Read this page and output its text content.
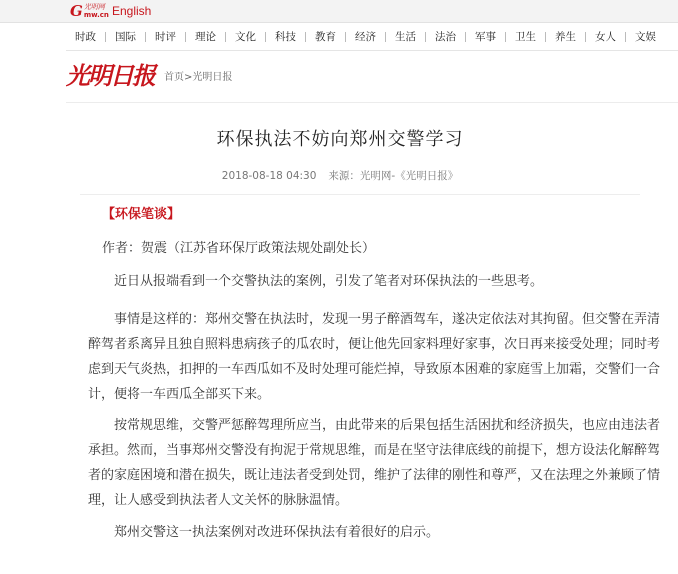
G 光明网
mw.cn English
时政	国际	时评	理论	文化	科技	教育	经济	生活	法治	军事	卫生	养生	女人	文娱
光明日报 首页>光明日报
环保执法不妨向郑州交警学习
2018-08-18 04:30 来源：光明网-《光明日报》
【环保笔谈】
作者：贺震（江苏省环保厅政策法规处副处长）

近日从报端看到一个交警执法的案例，引发了笔者对环保执法的一些思考。

事情是这样的：郑州交警在执法时，发现一男子醉酒驾车，遂决定依法对其拘留。但交警在弄清醉驾者系离异且独自照料患病孩子的瓜农时，便让他先回家料理好家事，次日再来接受处理；同时考虑到天气炎热，扣押的一车西瓜如不及时处理可能烂掉，导致原本困难的家庭雪上加霜，交警们一合计，便将一车西瓜全部买下来。

按常规思维，交警严惩醉驾理所应当，由此带来的后果包括生活困扰和经济损失，也应由违法者承担。然而，当事郑州交警没有拘泥于常规思维，而是在坚守法律底线的前提下，想方设法化解醉驾者的家庭困境和潜在损失，既让违法者受到处罚，维护了法律的刚性和尊严，又在法理之外兼顾了情理，让人感受到执法者人文关怀的脉脉温情。

郑州交警这一执法案例对改进环保执法有着很好的启示。
